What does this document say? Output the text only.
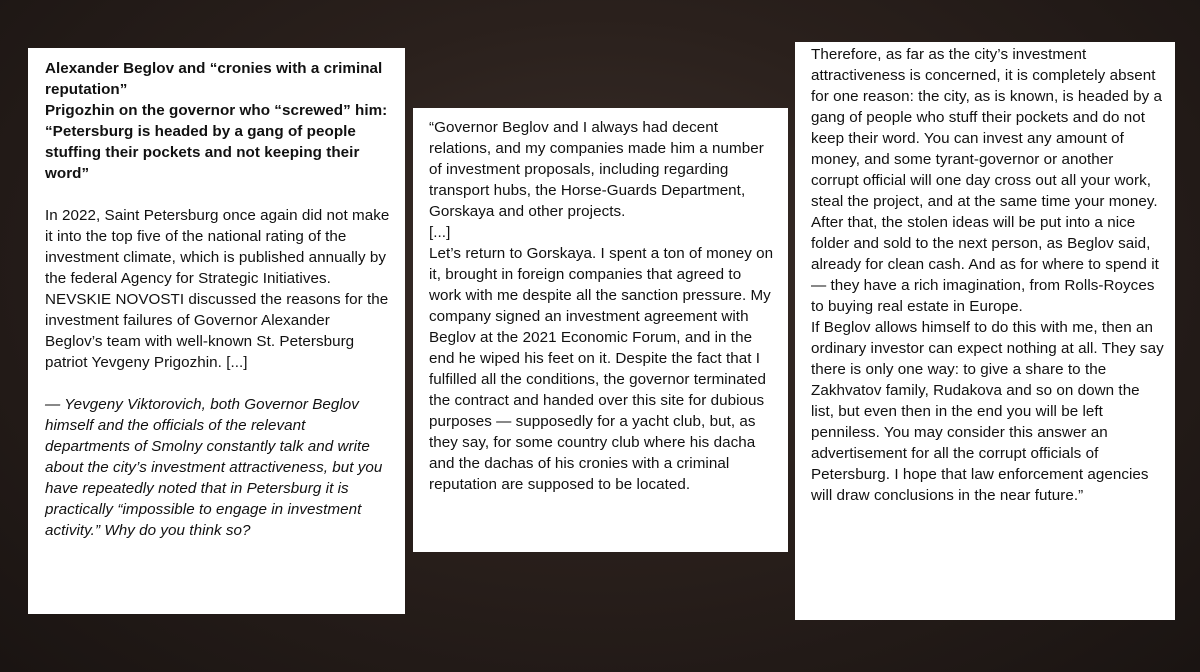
Alexander Beglov and “cronies with a criminal reputation”

Prigozhin on the governor who “screwed” him: “Petersburg is headed by a gang of people stuffing their pockets and not keeping their word”

In 2022, Saint Petersburg once again did not make it into the top five of the national rating of the investment climate, which is published annually by the federal Agency for Strategic Initiatives. NEVSKIE NOVOSTI discussed the reasons for the investment failures of Governor Alexander Beglov’s team with well-known St. Petersburg patriot Yevgeny Prigozhin. [...]

— Yevgeny Viktorovich, both Governor Beglov himself and the officials of the relevant departments of Smolny constantly talk and write about the city’s investment attractiveness, but you have repeatedly noted that in Petersburg it is practically “impossible to engage in investment activity.” Why do you think so?

“Governor Beglov and I always had decent relations, and my companies made him a number of investment proposals, including regarding transport hubs, the Horse-Guards Department, Gorskaya and other projects.

[...]

Let’s return to Gorskaya. I spent a ton of money on it, brought in foreign companies that agreed to work with me despite all the sanction pressure. My company signed an investment agreement with Beglov at the 2021 Economic Forum, and in the end he wiped his feet on it. Despite the fact that I fulfilled all the conditions, the governor terminated the contract and handed over this site for dubious purposes — supposedly for a yacht club, but, as they say, for some country club where his dacha and the dachas of his cronies with a criminal reputation are supposed to be located.

Therefore, as far as the city’s investment attractiveness is concerned, it is completely absent for one reason: the city, as is known, is headed by a gang of people who stuff their pockets and do not keep their word. You can invest any amount of money, and some tyrant-governor or another corrupt official will one day cross out all your work, steal the project, and at the same time your money. After that, the stolen ideas will be put into a nice folder and sold to the next person, as Beglov said, already for clean cash. And as for where to spend it — they have a rich imagination, from Rolls-Royces to buying real estate in Europe.

If Beglov allows himself to do this with me, then an ordinary investor can expect nothing at all. They say there is only one way: to give a share to the Zakhvatov family, Rudakova and so on down the list, but even then in the end you will be left penniless. You may consider this answer an advertisement for all the corrupt officials of Petersburg. I hope that law enforcement agencies will draw conclusions in the near future.”
